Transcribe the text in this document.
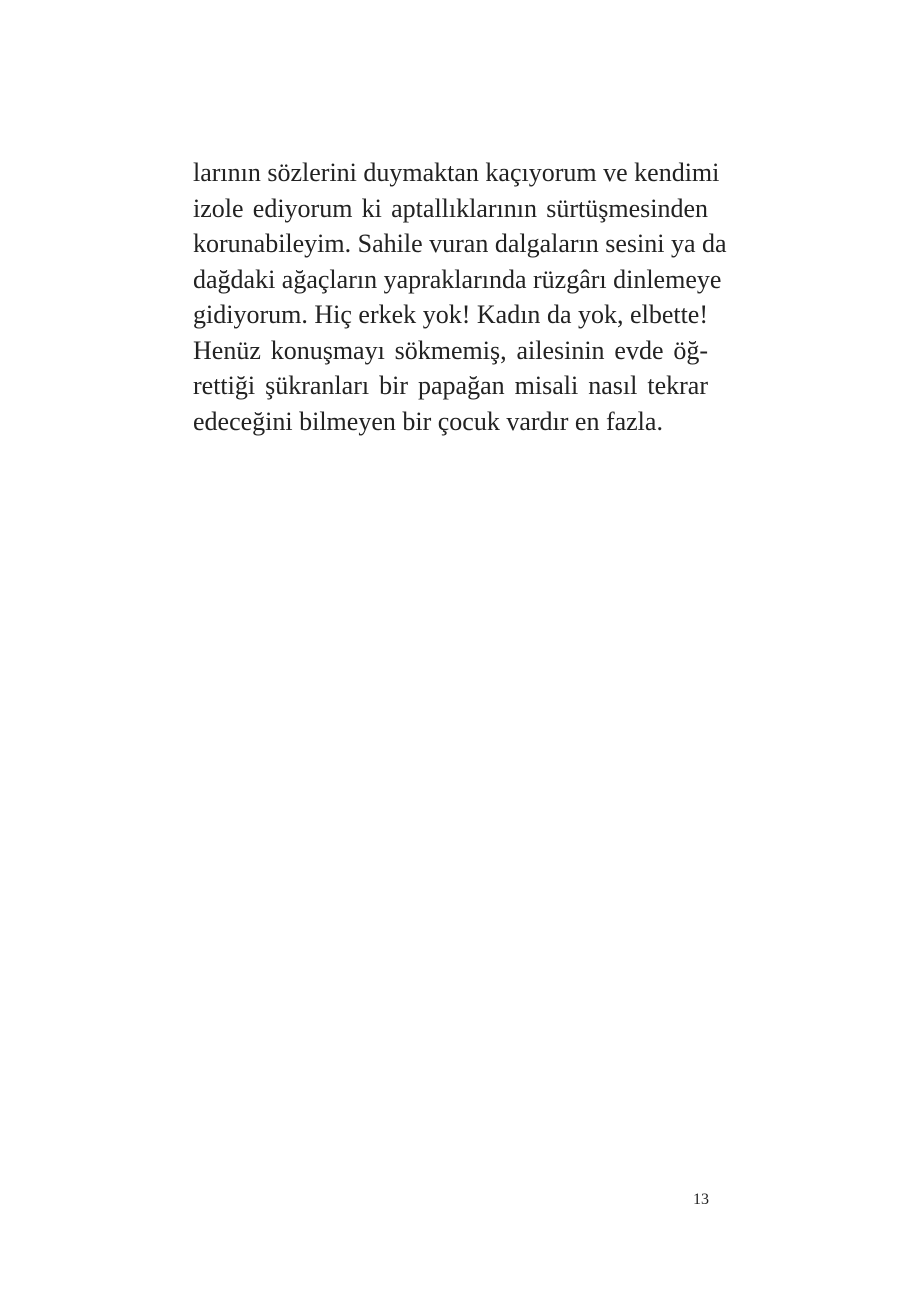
larının sözlerini duymaktan kaçıyorum ve kendimi
izole ediyorum ki aptallıklarının sürtüşmesinden
korunabileyim. Sahile vuran dalgaların sesini ya da
dağdaki ağaçların yapraklarında rüzgârı dinlemeye
gidiyorum. Hiç erkek yok! Kadın da yok, elbette!
Henüz konuşmayı sökmemiş, ailesinin evde öğ-
rettiği şükranları bir papağan misali nasıl tekrar
edeceğini bilmeyen bir çocuk vardır en fazla.
13
